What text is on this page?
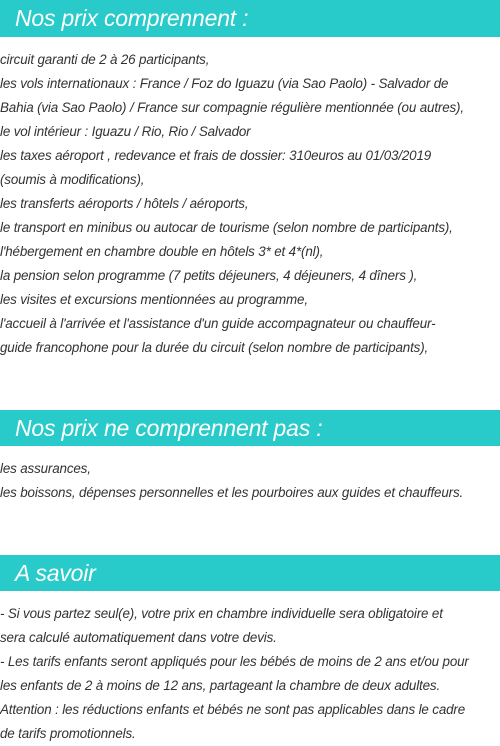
Nos prix comprennent :
circuit garanti de 2 à 26 participants,
les vols internationaux : France / Foz do Iguazu (via Sao Paolo) - Salvador de
Bahia (via Sao Paolo) / France sur compagnie régulière mentionnée (ou autres),
le vol intérieur : Iguazu / Rio, Rio / Salvador
les taxes aéroport , redevance et frais de dossier: 310euros au 01/03/2019
(soumis à modifications),
les transferts aéroports / hôtels / aéroports,
le transport en minibus ou autocar de tourisme (selon nombre de participants),
l'hébergement en chambre double en hôtels 3* et 4*(nl),
la pension selon programme (7 petits déjeuners, 4 déjeuners, 4 dîners ),
les visites et excursions mentionnées au programme,
l'accueil à l'arrivée et l'assistance d'un guide accompagnateur ou chauffeur-
guide francophone pour la durée du circuit (selon nombre de participants),
Nos prix ne comprennent pas :
les assurances,
les boissons, dépenses personnelles et les pourboires aux guides et chauffeurs.
A savoir
- Si vous partez seul(e), votre prix en chambre individuelle sera obligatoire et
sera calculé automatiquement dans votre devis.
- Les tarifs enfants seront appliqués pour les bébés de moins de 2 ans et/ou pour
les enfants de 2 à moins de 12 ans, partageant la chambre de deux adultes.
Attention : les réductions enfants et bébés ne sont pas applicables dans le cadre
de tarifs promotionnels.
